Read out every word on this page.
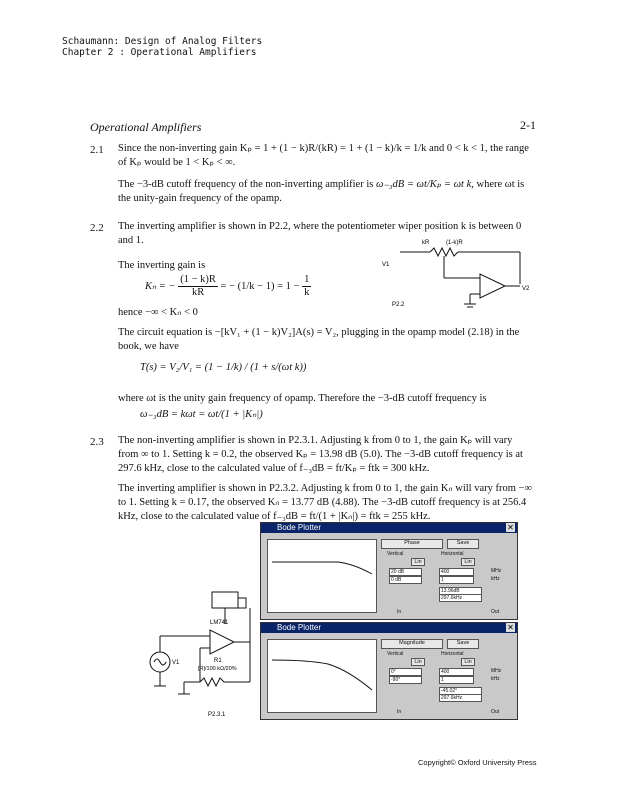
Schaumann: Design of Analog Filters
Chapter 2 : Operational Amplifiers
Operational Amplifiers	2-1
2.1 Since the non-inverting gain Kₚ = 1 + (1 − k)R/(kR) = 1 + (1 − k)/k = 1/k and 0 < k < 1, the range of Kₚ would be 1 < Kₚ < ∞.
The −3-dB cutoff frequency of the non-inverting amplifier is ω₋₃dB = ωt/Kₚ = ωt k, where ωt is the unity-gain frequency of the opamp.
2.2 The inverting amplifier is shown in P2.2, where the potentiometer wiper position k is between 0 and 1.
The inverting gain is
Kₙ = − $\frac{(1 - k)R}{kR}$ = − $(1/k - 1) = 1 - \frac{1}{k}$
hence −∞ < Kₙ < 0
kR	(1-k)R
V1
V2
P2.2
The circuit equation is −[kV₁ + (1 − k)V₂]A(s) = V₂, plugging in the opamp model (2.18) in the book, we have
T(s) = V₂/V₁ = (1 − 1/k) / (1 + s/(ωt k))
where ωt is the unity gain frequency of opamp. Therefore the −3-dB cutoff frequency is
ω₋₃dB = kωt = ωt/(1 + |Kₙ|)
2.3 The non-inverting amplifier is shown in P2.3.1. Adjusting k from 0 to 1, the gain Kₚ will vary from ∞ to 1. Setting k = 0.2, the observed Kₚ = 13.98 dB (5.0). The −3-dB cutoff frequency is at 297.6 kHz, close to the calculated value of f₋₃dB = ft/Kₚ = ftk = 300 kHz.
The inverting amplifier is shown in P2.3.2. Adjusting k from 0 to 1, the gain Kₙ will vary from −∞ to 1. Setting k = 0.17, the observed Kₙ = 13.77 dB (4.88). The −3-dB cutoff frequency is at 256.4 kHz, close to the calculated value of f₋₃dB = ft/(1 + |Kₙ|) = ftk = 255 kHz.
LM741
R1
[R]/100 kΩ/20%
V1
P2.3.1
Bode Plotter	✕
Phase	Save
Vertical	Horizontal
Lin	Lin
20 dB
0 dB
400
1
MHz
kHz
13.96dB
297.6kHz
In	Out
Bode Plotter	✕
Magnitude	Save
Vertical	Horizontal
Lin	Lin
0°
-90°
400
1
MHz
kHz
-45.02°
297.6kHz
In	Out
Copyright© Oxford University Press
